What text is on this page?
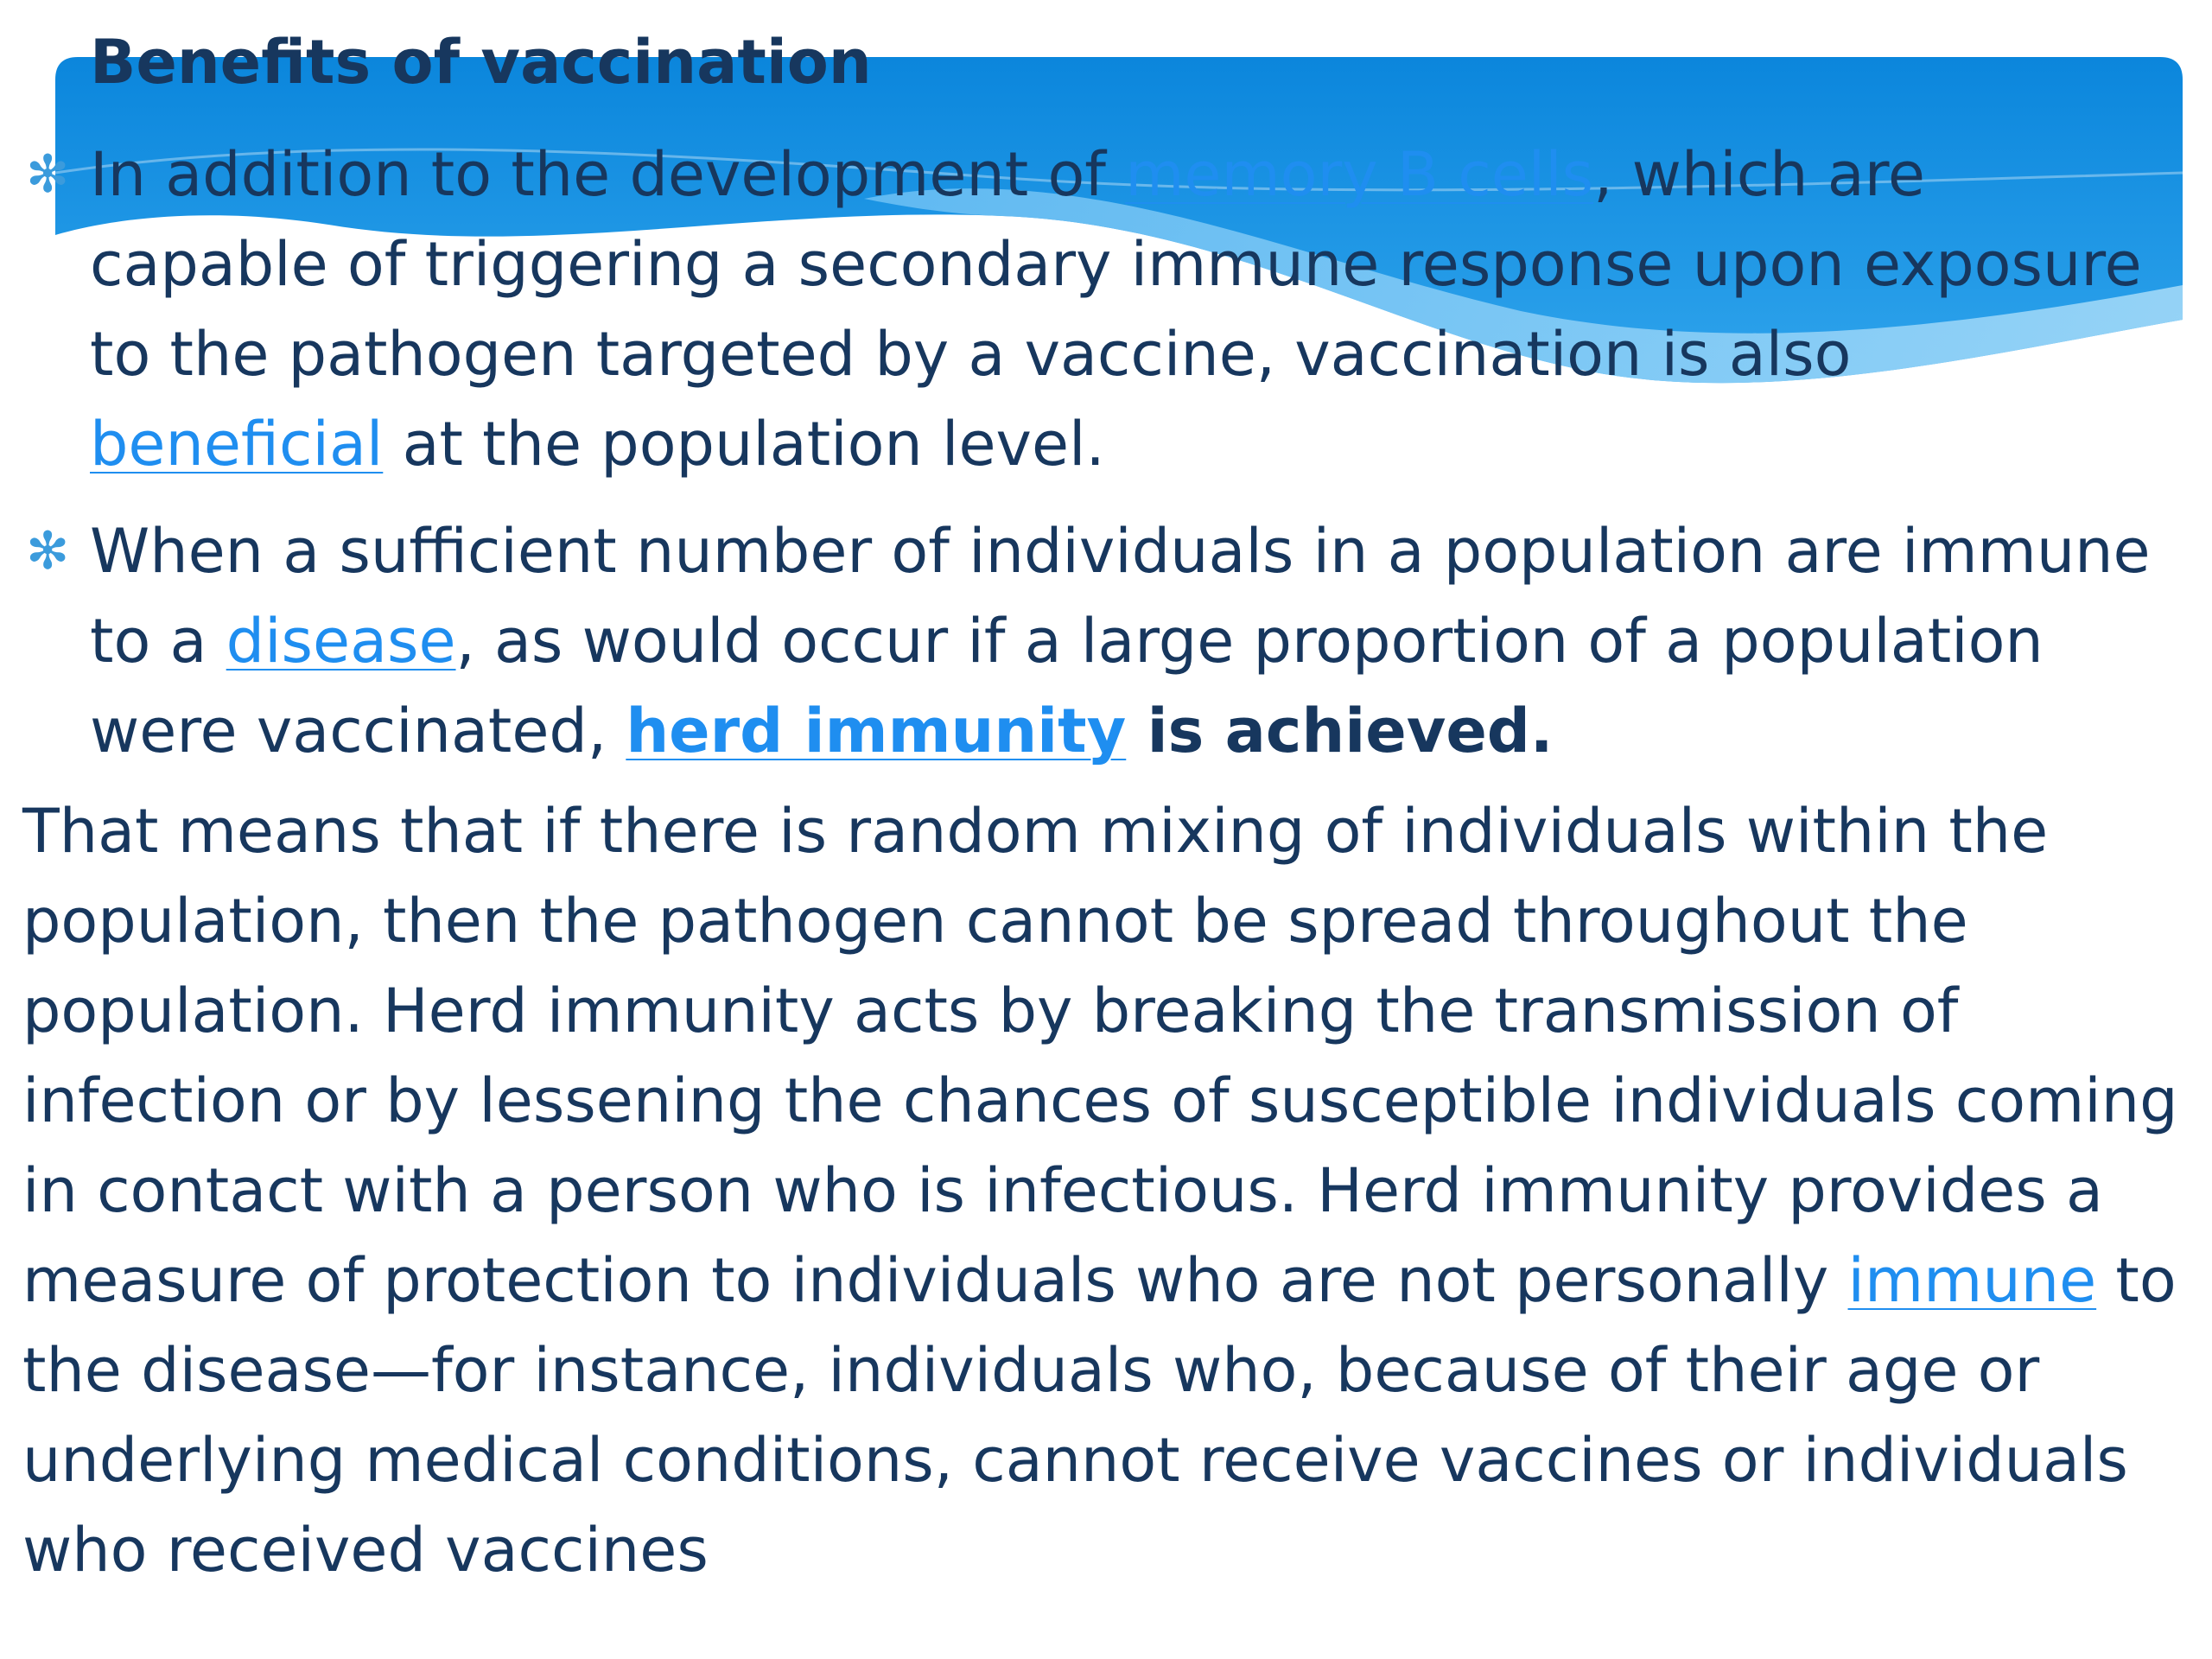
Benefits of vaccination
✻ In addition to the development of memory B cells, which are capable of triggering a secondary immune response upon exposure to the pathogen targeted by a vaccine, vaccination is also beneficial at the population level.
✻ When a sufficient number of individuals in a population are immune to a disease, as would occur if a large proportion of a population were vaccinated, herd immunity is achieved.

That means that if there is random mixing of individuals within the population, then the pathogen cannot be spread throughout the population. Herd immunity acts by breaking the transmission of infection or by lessening the chances of susceptible individuals coming in contact with a person who is infectious. Herd immunity provides a measure of protection to individuals who are not personally immune to the disease—for instance, individuals who, because of their age or underlying medical conditions, cannot receive vaccines or individuals who received vaccines
